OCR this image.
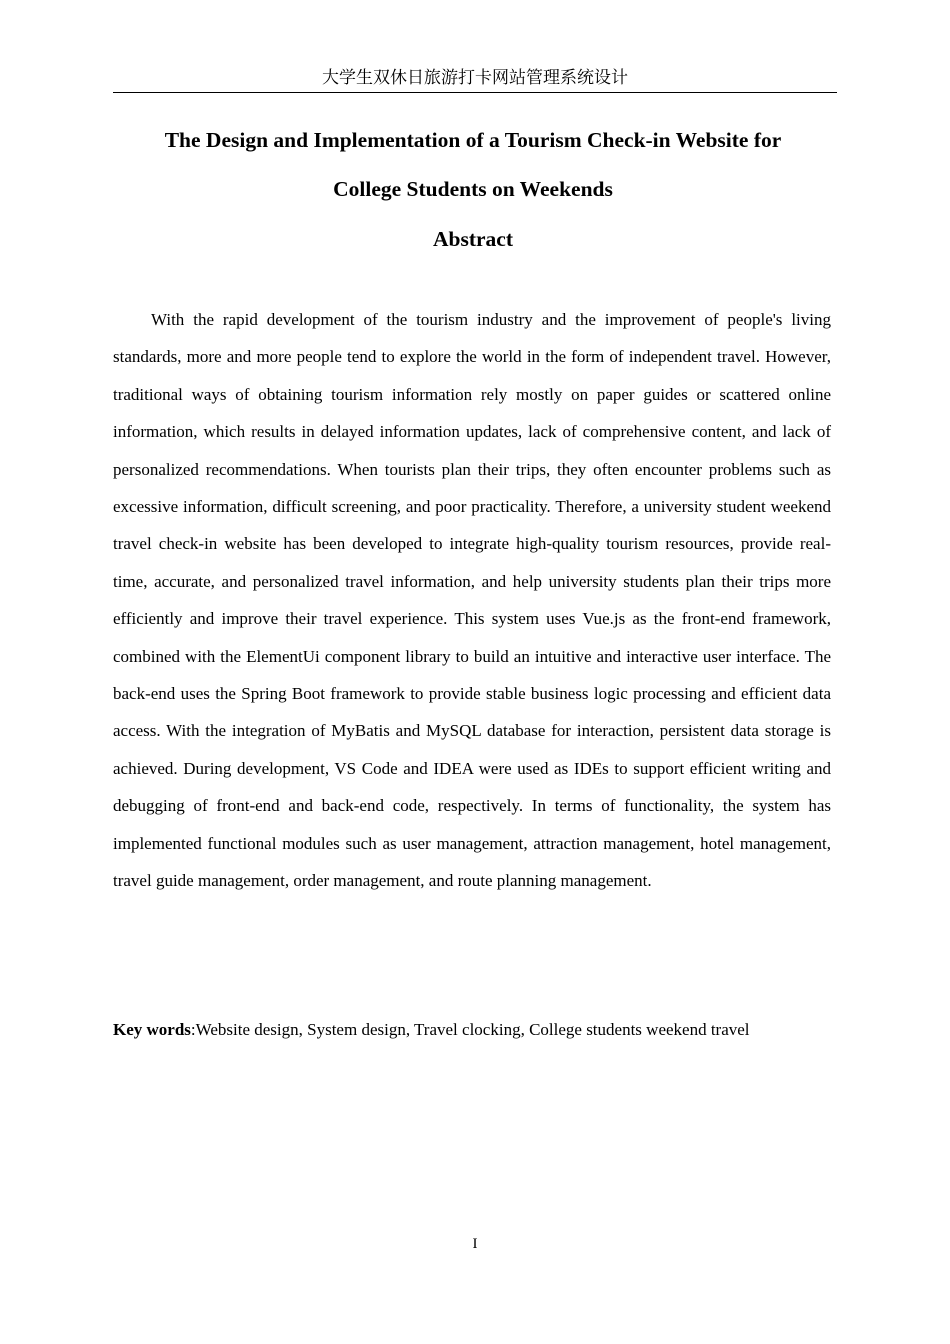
大学生双休日旅游打卡网站管理系统设计
The Design and Implementation of a Tourism Check-in Website for
College Students on Weekends
Abstract

With the rapid development of the tourism industry and the improvement of people's living standards, more and more people tend to explore the world in the form of independent travel. However, traditional ways of obtaining tourism information rely mostly on paper guides or scattered online information, which results in delayed information updates, lack of comprehensive content, and lack of personalized recommendations. When tourists plan their trips, they often encounter problems such as excessive information, difficult screening, and poor practicality. Therefore, a university student weekend travel check-in website has been developed to integrate high-quality tourism resources, provide real-time, accurate, and personalized travel information, and help university students plan their trips more efficiently and improve their travel experience. This system uses Vue.js as the front-end framework, combined with the ElementUi component library to build an intuitive and interactive user interface. The back-end uses the Spring Boot framework to provide stable business logic processing and efficient data access. With the integration of MyBatis and MySQL database for interaction, persistent data storage is achieved. During development, VS Code and IDEA were used as IDEs to support efficient writing and debugging of front-end and back-end code, respectively. In terms of functionality, the system has implemented functional modules such as user management, attraction management, hotel management, travel guide management, order management, and route planning management.

Key words:Website design, System design, Travel clocking, College students weekend travel

I
